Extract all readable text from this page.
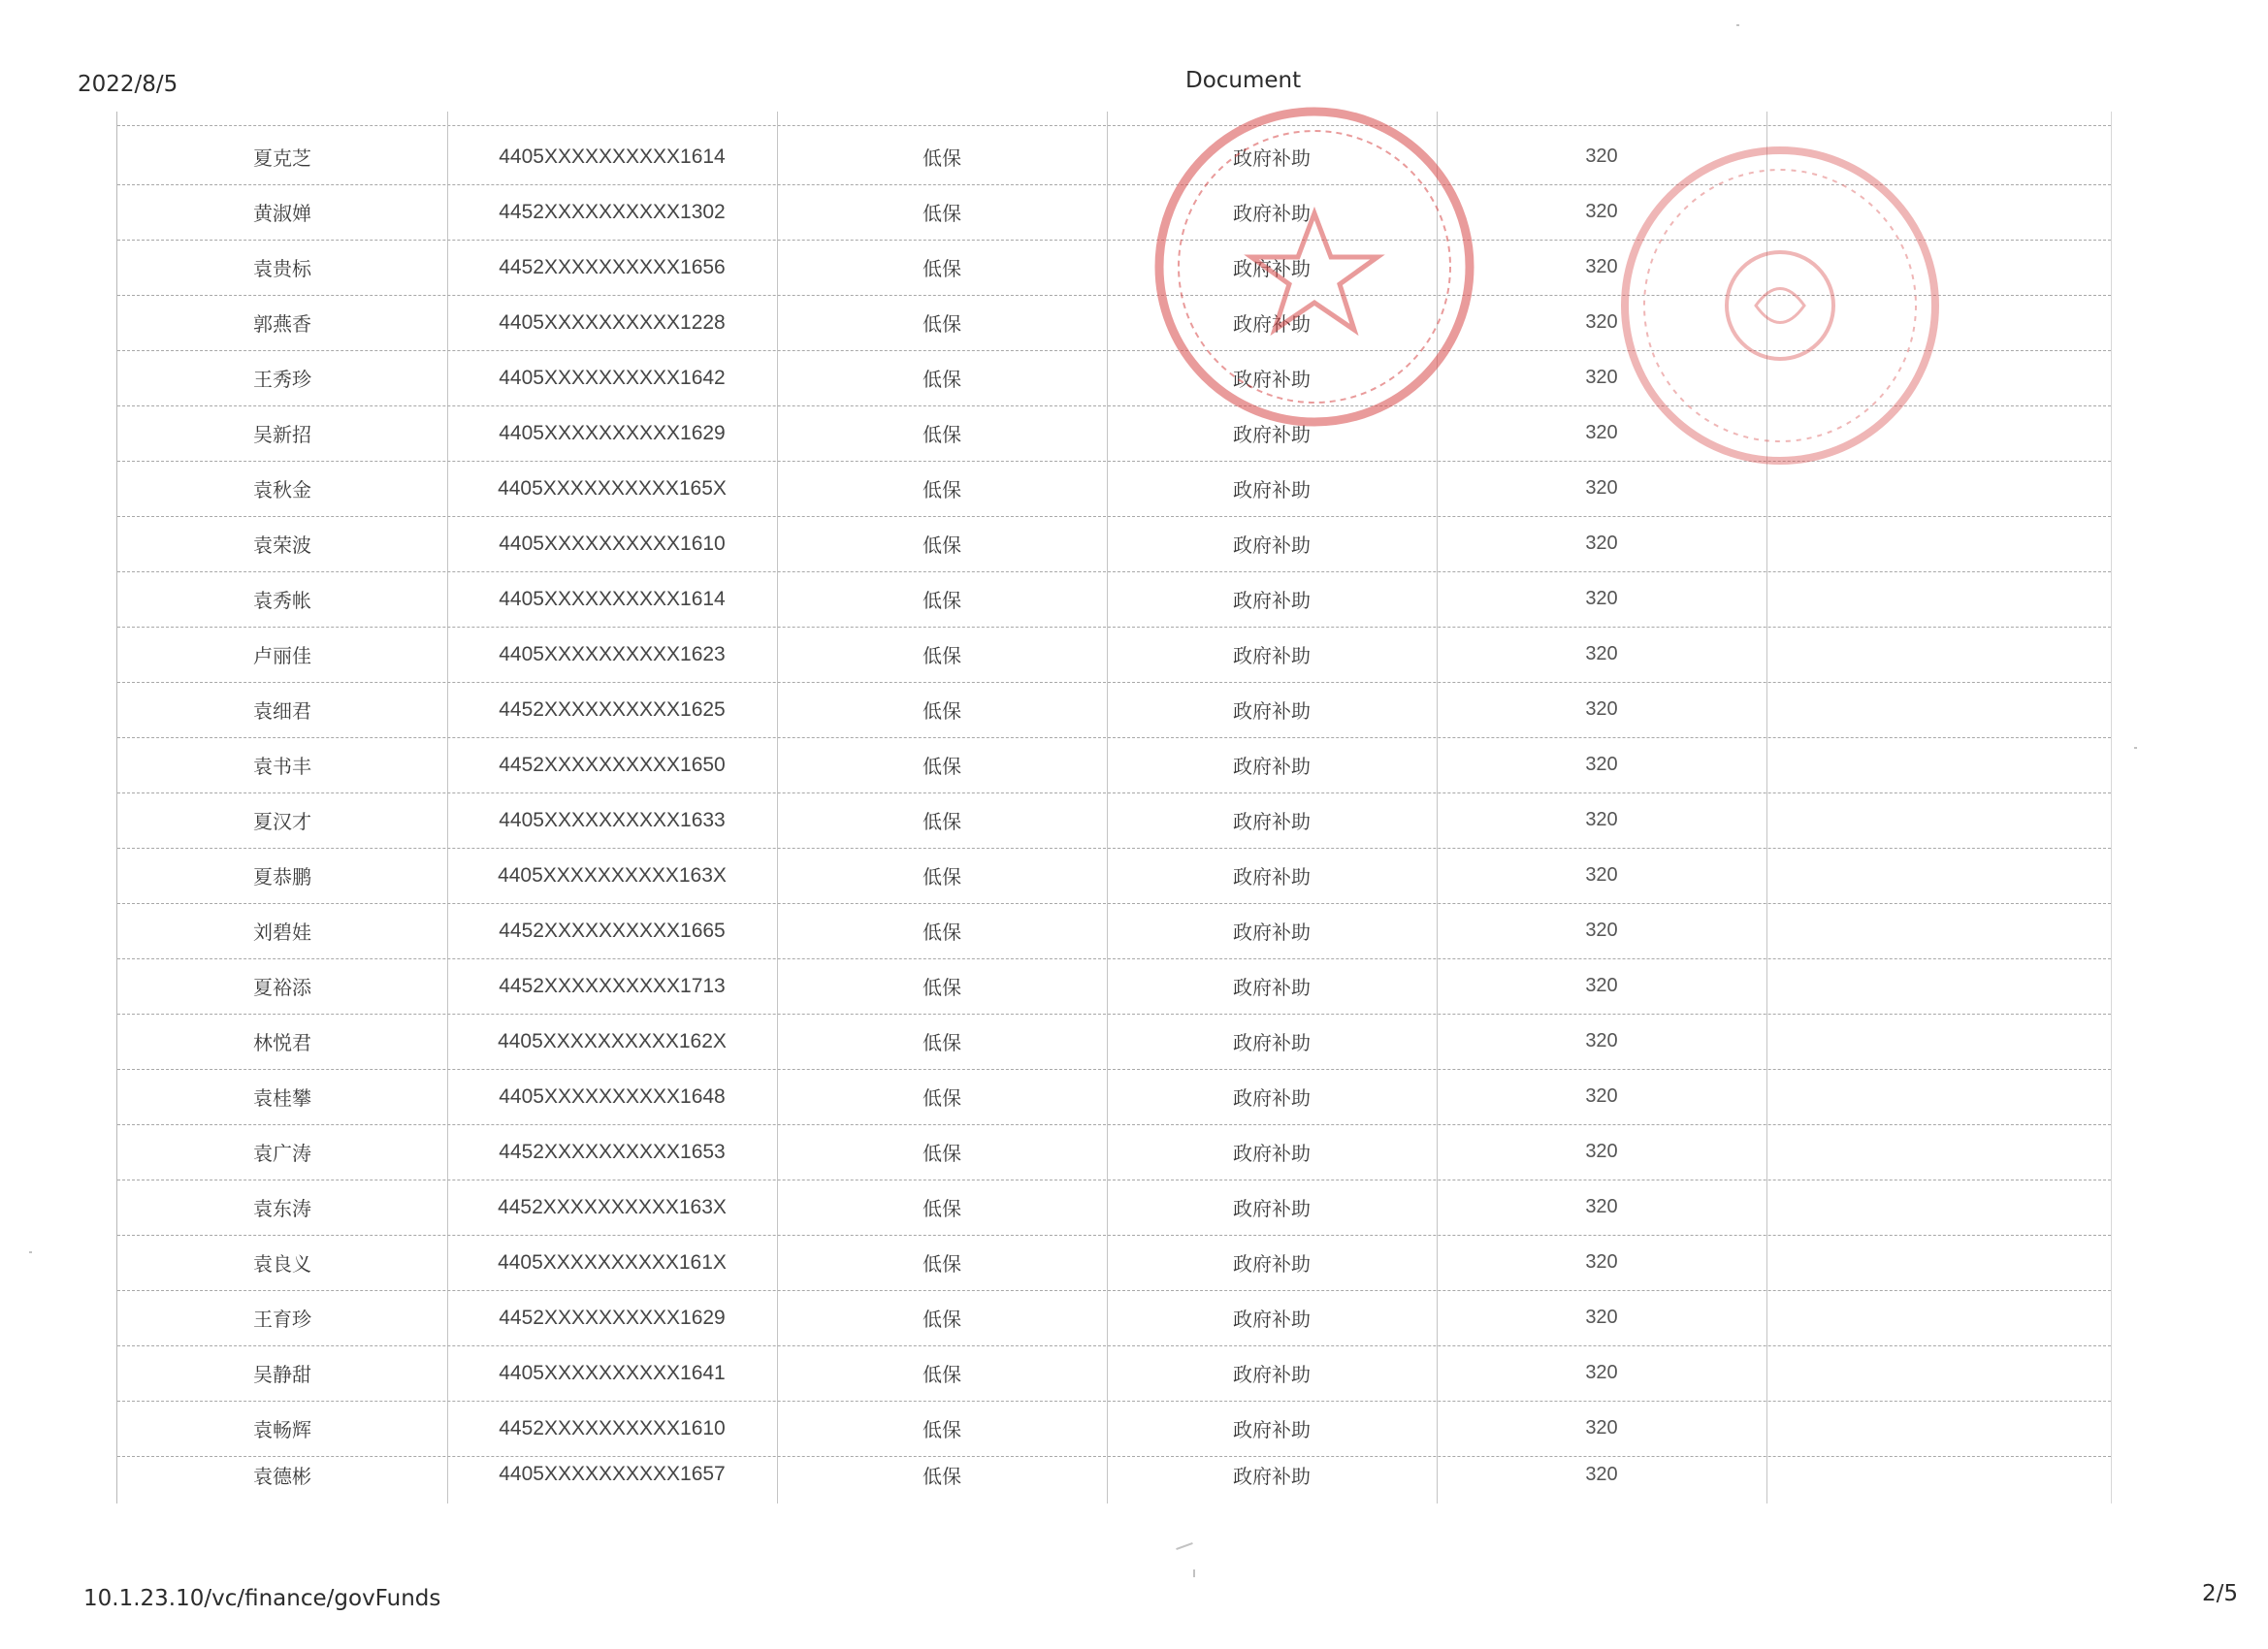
2022/8/5	Document
夏克芝	4405XXXXXXXXXX1614	低保	政府补助	320
黄淑婵	4452XXXXXXXXXX1302	低保	政府补助	320
袁贵标	4452XXXXXXXXXX1656	低保	政府补助	320
郭燕香	4405XXXXXXXXXX1228	低保	政府补助	320
王秀珍	4405XXXXXXXXXX1642	低保	政府补助	320
吴新招	4405XXXXXXXXXX1629	低保	政府补助	320
袁秋金	4405XXXXXXXXXX165X	低保	政府补助	320
袁荣波	4405XXXXXXXXXX1610	低保	政府补助	320
袁秀帐	4405XXXXXXXXXX1614	低保	政府补助	320
卢丽佳	4405XXXXXXXXXX1623	低保	政府补助	320
袁细君	4452XXXXXXXXXX1625	低保	政府补助	320
袁书丰	4452XXXXXXXXXX1650	低保	政府补助	320
夏汉才	4405XXXXXXXXXX1633	低保	政府补助	320
夏恭鹏	4405XXXXXXXXXX163X	低保	政府补助	320
刘碧娃	4452XXXXXXXXXX1665	低保	政府补助	320
夏裕添	4452XXXXXXXXXX1713	低保	政府补助	320
林悦君	4405XXXXXXXXXX162X	低保	政府补助	320
袁桂攀	4405XXXXXXXXXX1648	低保	政府补助	320
袁广涛	4452XXXXXXXXXX1653	低保	政府补助	320
袁东涛	4452XXXXXXXXXX163X	低保	政府补助	320
袁良义	4405XXXXXXXXXX161X	低保	政府补助	320
王育珍	4452XXXXXXXXXX1629	低保	政府补助	320
吴静甜	4405XXXXXXXXXX1641	低保	政府补助	320
袁畅辉	4452XXXXXXXXXX1610	低保	政府补助	320
袁德彬	4405XXXXXXXXXX1657	低保	政府补助	320
10.1.23.10/vc/finance/govFunds	2/5
